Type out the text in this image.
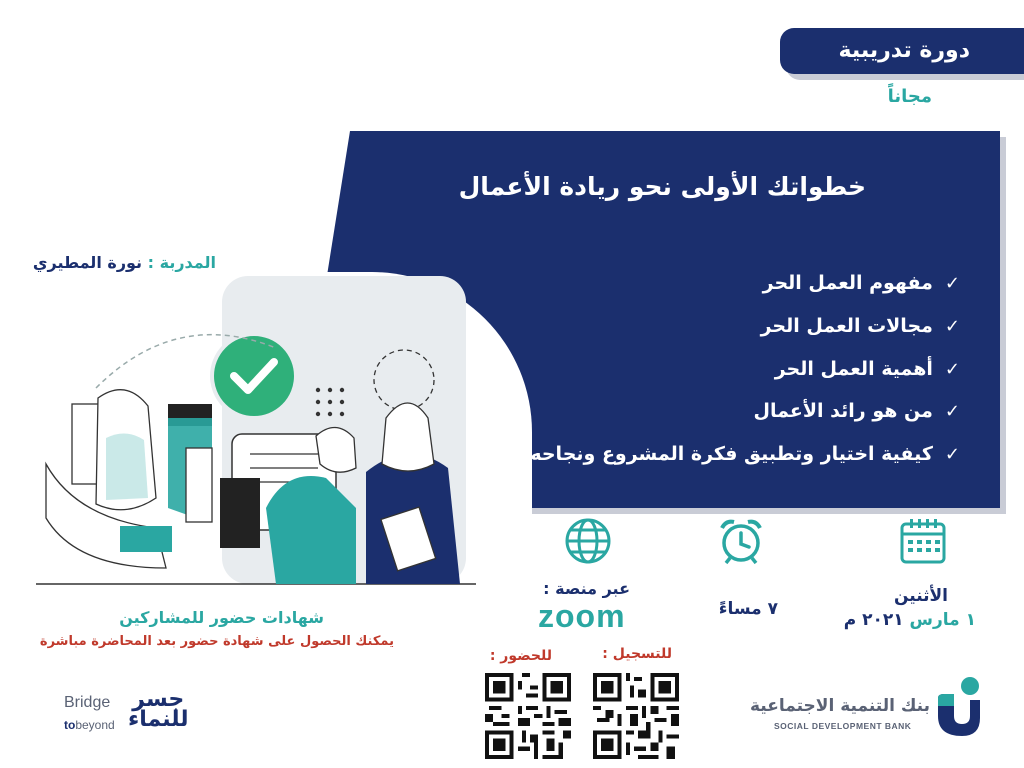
دورة تدريبية
مجاناً
خطواتك الأولى نحو ريادة الأعمال
✓مفهوم العمل الحر
✓مجالات العمل الحر
✓أهمية العمل الحر
✓من هو رائد الأعمال
✓كيفية اختيار وتطبيق فكرة المشروع ونجاحه
المدربة : نورة المطيري
الأثنين
١ مارس ٢٠٢١ م
٧ مساءً
عبر منصة :
zoom
للتسجيل :
للحضور :
شهادات حضور للمشاركين
يمكنك الحصول على شهادة حضور بعد المحاضرة مباشرة
بنك التنمية الاجتماعية
SOCIAL DEVELOPMENT BANK
Bridge
tobeyond
جسر
للنماء
